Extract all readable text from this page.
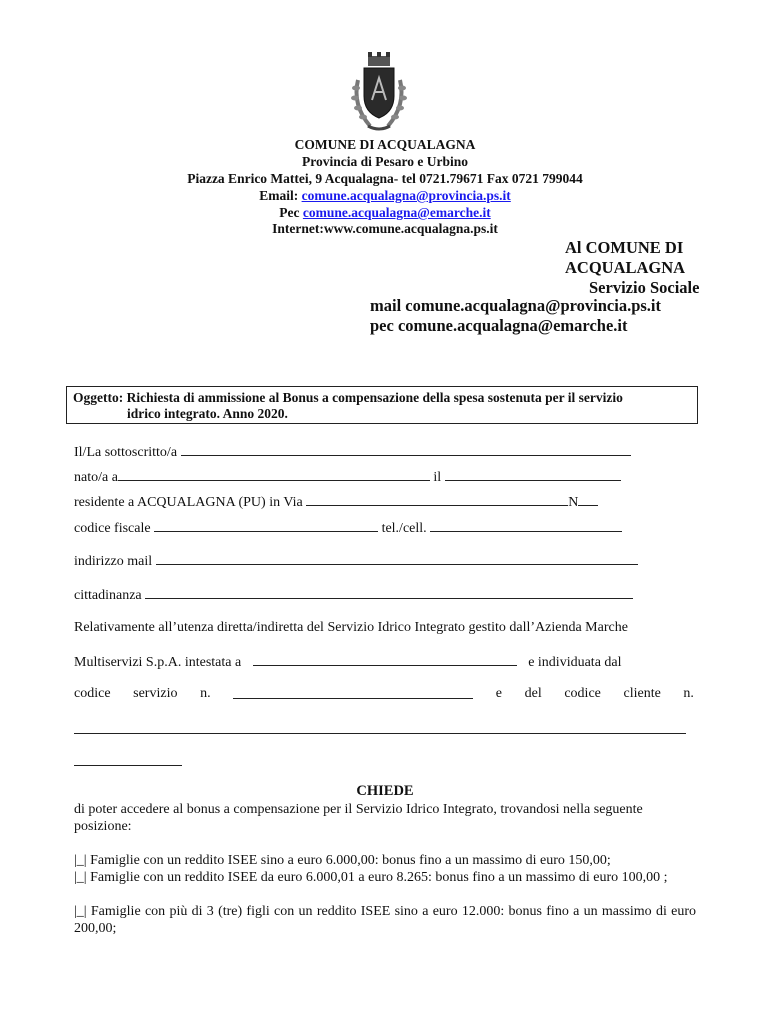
COMUNE DI ACQUALAGNA
Provincia di Pesaro e Urbino
Piazza Enrico Mattei, 9 Acqualagna- tel 0721.79671 Fax 0721 799044
Email: comune.acqualagna@provincia.ps.it
Pec comune.acqualagna@emarche.it
Internet:www.comune.acqualagna.ps.it
Al COMUNE DI
ACQUALAGNA
Servizio Sociale
mail comune.acqualagna@provincia.ps.it
pec comune.acqualagna@emarche.it
Oggetto: Richiesta di ammissione al Bonus a compensazione della spesa sostenuta per il servizio
idrico integrato. Anno 2020.
Il/La sottoscritto/a
nato/a a	il
residente a ACQUALAGNA (PU) in Via	N
codice fiscale	tel./cell.
indirizzo mail
cittadinanza
Relativamente all’utenza diretta/indiretta del Servizio Idrico Integrato gestito dall’Azienda Marche
Multiservizi S.p.A. intestata a	e individuata dal
codice servizio n.	e del codice cliente n.
CHIEDE
di poter accedere al bonus a compensazione per il Servizio Idrico Integrato, trovandosi nella seguente posizione:
|_| Famiglie con un reddito ISEE sino a euro 6.000,00: bonus fino a un massimo di euro 150,00;
|_| Famiglie con un reddito ISEE da euro 6.000,01 a euro 8.265: bonus fino a un massimo di euro 100,00 ;
|_| Famiglie con più di 3 (tre) figli con un reddito ISEE sino a euro 12.000: bonus fino a un massimo di euro 200,00;
